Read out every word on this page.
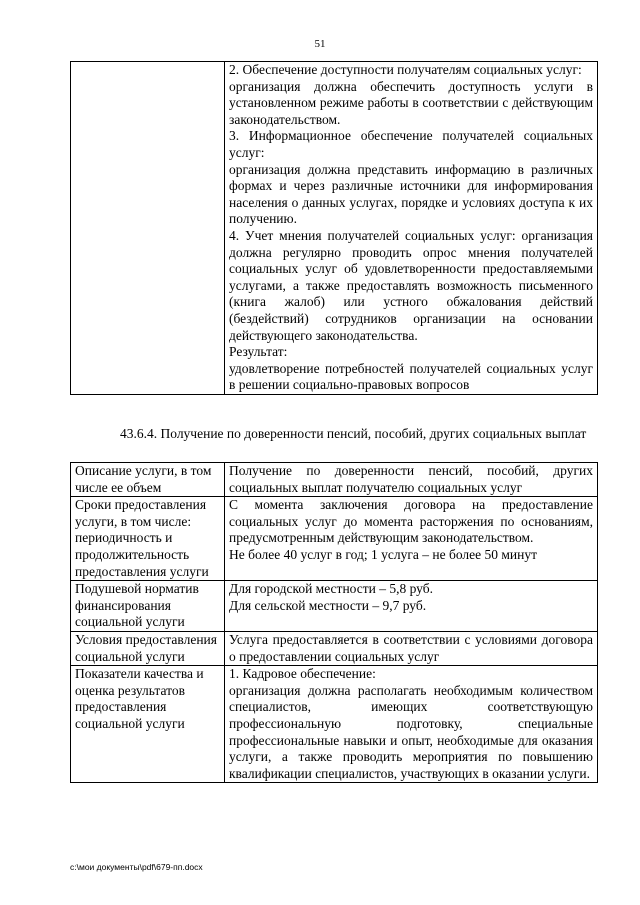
51

2. Обеспечение доступности получателям социальных услуг:
организация должна обеспечить доступность услуги в установленном режиме работы в соответствии с действующим законодательством.
3. Информационное обеспечение получателей социальных услуг:
организация должна представить информацию в различных формах и через различные источники для информирования населения о данных услугах, порядке и условиях доступа к их получению.
4. Учет мнения получателей социальных услуг: организация должна регулярно проводить опрос мнения получателей социальных услуг об удовлетворенности предоставляемыми услугами, а также предоставлять возможность письменного (книга жалоб) или устного обжалования действий (бездействий) сотрудников организации на основании действующего законодательства.
Результат:
удовлетворение потребностей получателей социальных услуг в решении социально-правовых вопросов
43.6.4. Получение по доверенности пенсий, пособий, других социальных выплат
Описание услуги, в том числе ее объем	Получение по доверенности пенсий, пособий, других социальных выплат получателю социальных услуг

Сроки предоставления услуги, в том числе: периодичность и продолжительность предоставления услуги	С момента заключения договора на предоставление социальных услуг до момента расторжения по основаниям, предусмотренным действующим законодательством.
Не более 40 услуг в год; 1 услуга – не более 50 минут

Подушевой норматив финансирования социальной услуги	Для городской местности – 5,8 руб.
Для сельской местности – 9,7 руб.

Условия предоставления социальной услуги	Услуга предоставляется в соответствии с условиями договора о предоставлении социальных услуг

Показатели качества и оценка результатов предоставления социальной услуги	1. Кадровое обеспечение:
организация должна располагать необходимым количеством специалистов, имеющих соответствующую профессиональную подготовку, специальные профессиональные навыки и опыт, необходимые для оказания услуги, а также проводить мероприятия по повышению квалификации специалистов, участвующих в оказании услуги.
c:\мои документы\pdf\679-пп.docx
